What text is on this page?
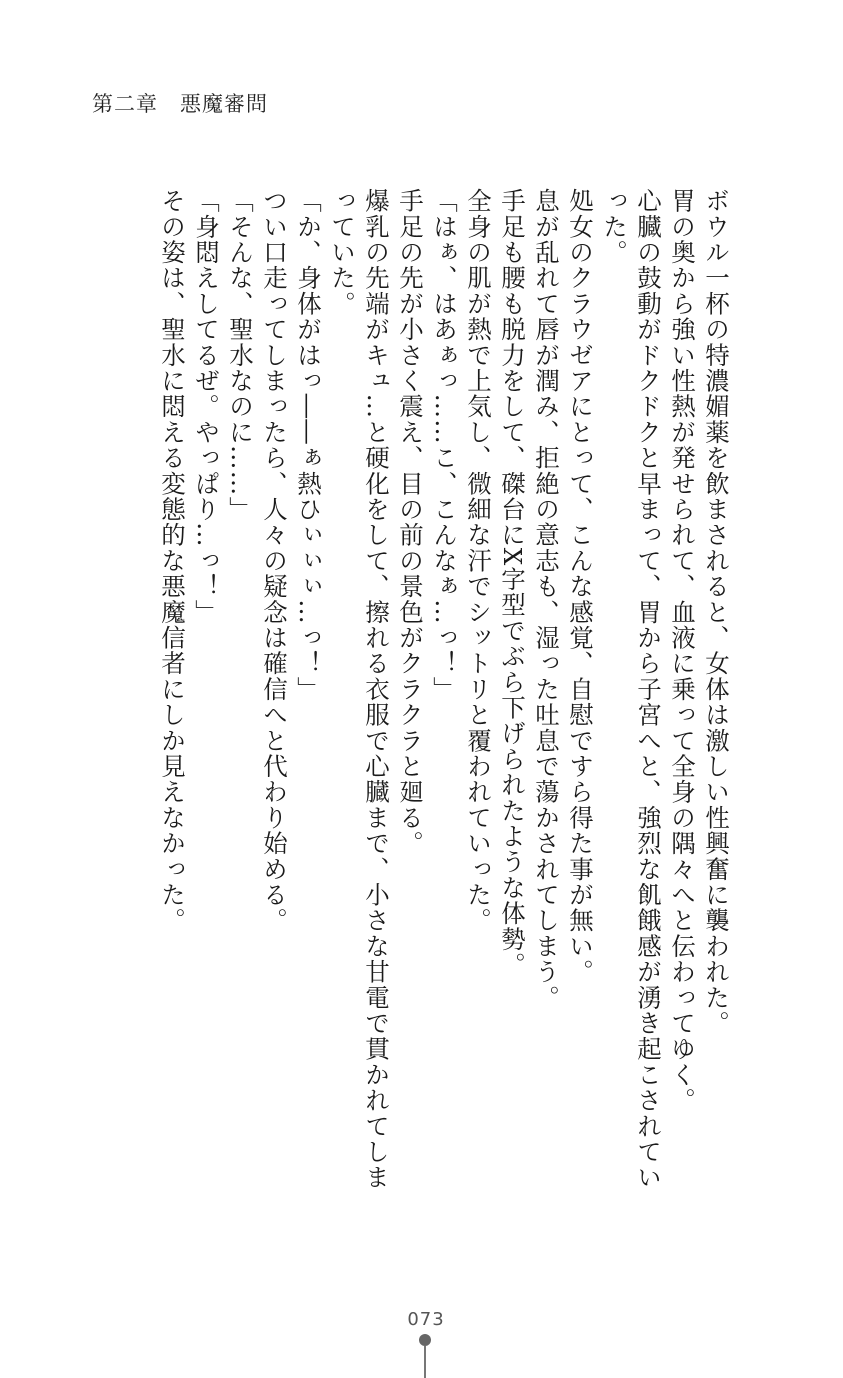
第二章　 悪魔審問
ボウル一杯の特濃媚薬を飲まされると、女体は激しい性興奮に襲われた。
胃の奥から強い性熱が発せられて、血液に乗って全身の隅々へと伝わってゆく。
心臓の鼓動がドクドクと早まって、胃から子宮へと、強烈な飢餓感が湧き起こされてい
った。
処女のクラウゼアにとって、こんな感覚、自慰ですら得た事が無い。
息が乱れて唇が潤み、拒絶の意志も、湿った吐息で蕩かされてしまう。
手足も腰も脱力をして、磔台にX字型でぶら下げられたような体勢。
全身の肌が熱で上気し、微細な汗でシットリと覆われていった。
「はぁ、はあぁっ……こ、こんなぁ…っ！」
手足の先が小さく震え、目の前の景色がクラクラと廻る。
爆乳の先端がキュ…と硬化をして、擦れる衣服で心臓まで、小さな甘電で貫かれてしま
っていた。
「か、身体がはっ――ぁ熱ひぃぃぃ…っ！」
つい口走ってしまったら、人々の疑念は確信へと代わり始める。
「そんな、聖水なのに……」
「身悶えしてるぜ。やっぱり…っ！」
その姿は、聖水に悶える変態的な悪魔信者にしか見えなかった。
073
